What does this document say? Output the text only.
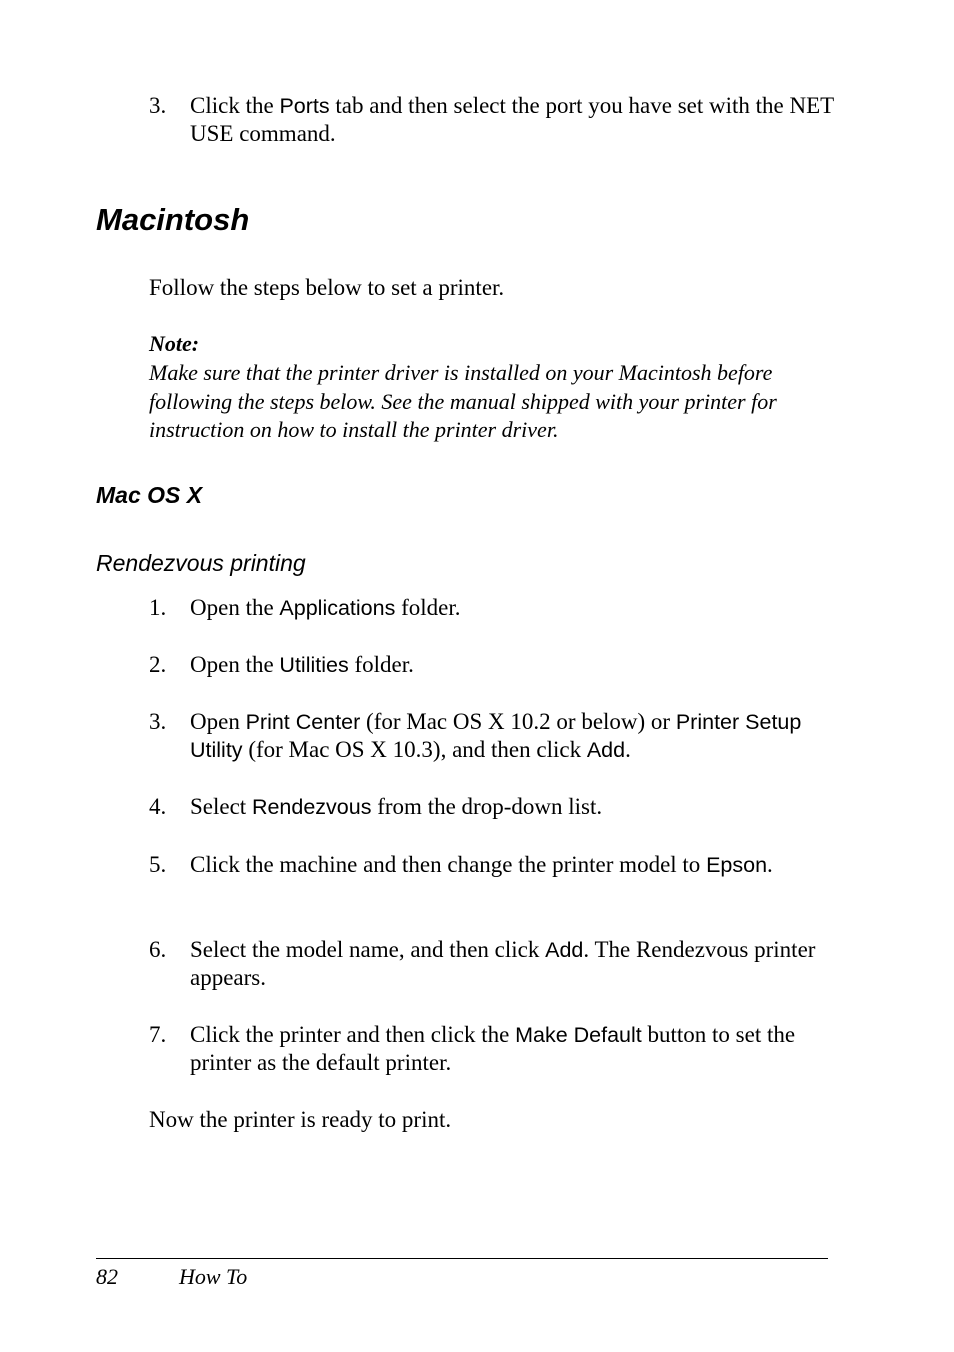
3. Click the Ports tab and then select the port you have set with the NET USE command.
Macintosh
Follow the steps below to set a printer.
Note:
Make sure that the printer driver is installed on your Macintosh before following the steps below. See the manual shipped with your printer for instruction on how to install the printer driver.
Mac OS X
Rendezvous printing
1. Open the Applications folder.
2. Open the Utilities folder.
3. Open Print Center (for Mac OS X 10.2 or below) or Printer Setup Utility (for Mac OS X 10.3), and then click Add.
4. Select Rendezvous from the drop-down list.
5. Click the machine and then change the printer model to Epson.
6. Select the model name, and then click Add. The Rendezvous printer appears.
7. Click the printer and then click the Make Default button to set the printer as the default printer.
Now the printer is ready to print.
82	How To
